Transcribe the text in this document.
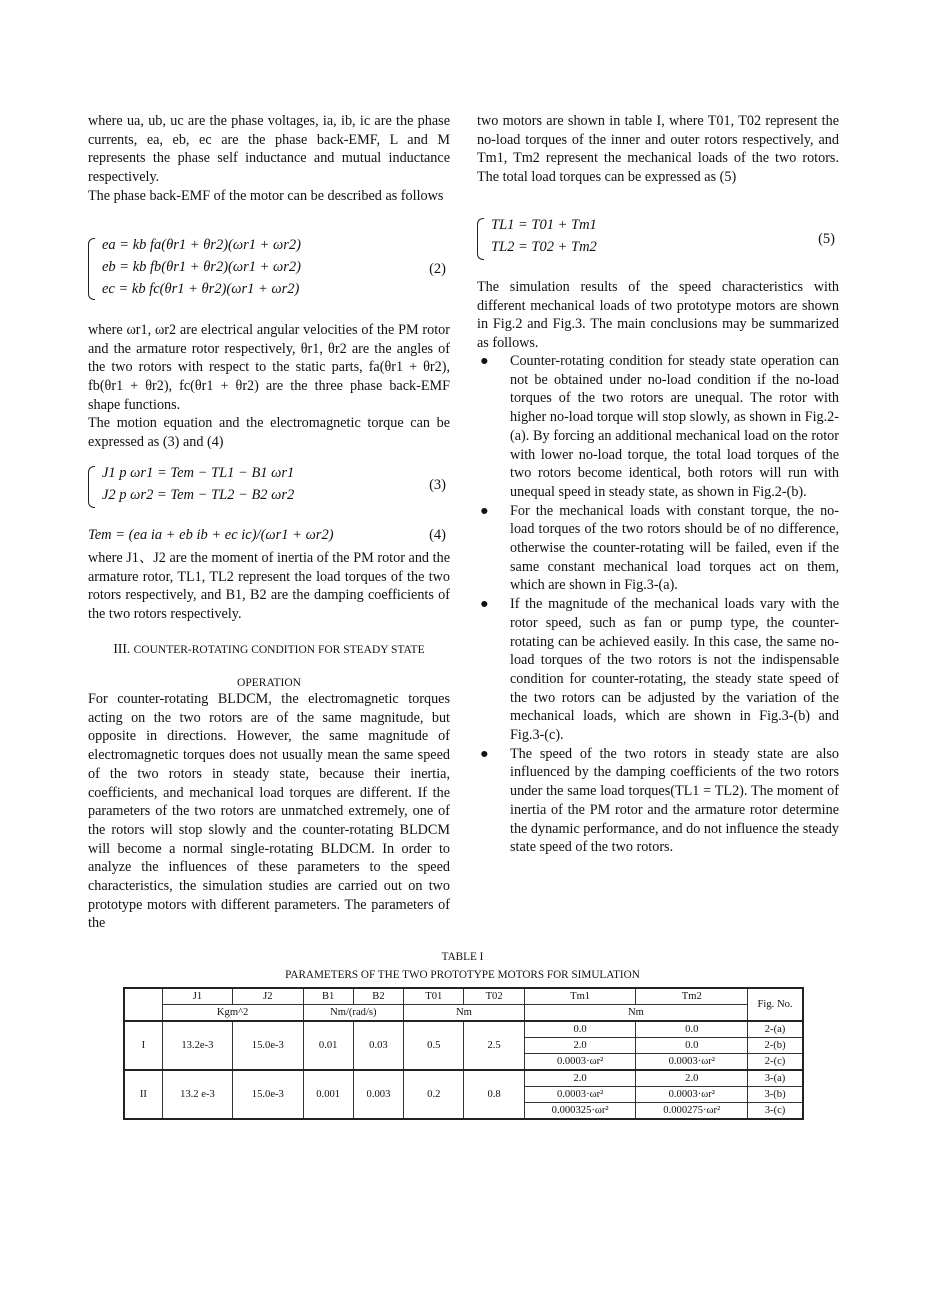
where ua, ub, uc are the phase voltages, ia, ib, ic are the phase currents, ea, eb, ec are the phase back-EMF, L and M represents the phase self inductance and mutual inductance respectively.

The phase back-EMF of the motor can be described as follows

ea = kb fa(θr1 + θr2)(ωr1 + ωr2)
eb = kb fb(θr1 + θr2)(ωr1 + ωr2)
ec = kb fc(θr1 + θr2)(ωr1 + ωr2)
(2)

where ωr1, ωr2 are electrical angular velocities of the PM rotor and the armature rotor respectively, θr1, θr2 are the angles of the two rotors with respect to the static parts, fa(θr1 + θr2), fb(θr1 + θr2), fc(θr1 + θr2) are the three phase back-EMF shape functions.

The motion equation and the electromagnetic torque can be expressed as (3) and (4)

J1 p ωr1 = Tem − TL1 − B1 ωr1
J2 p ωr2 = Tem − TL2 − B2 ωr2
(3)
Tem = (ea ia + eb ib + ec ic)/(ωr1 + ωr2)	(4)

where J1、J2 are the moment of inertia of the PM rotor and the armature rotor, TL1, TL2 represent the load torques of the two rotors respectively, and B1, B2 are the damping coefficients of the two rotors respectively.

III. COUNTER-ROTATING CONDITION FOR STEADY STATE
OPERATION

For counter-rotating BLDCM, the electromagnetic torques acting on the two rotors are of the same magnitude, but opposite in directions. However, the same magnitude of electromagnetic torques does not usually mean the same speed of the two rotors in steady state, because their inertia, coefficients, and mechanical load torques are different. If the parameters of the two rotors are unmatched extremely, one of the rotors will stop slowly and the counter-rotating BLDCM will become a normal single-rotating BLDCM. In order to analyze the influences of these parameters to the speed characteristics, the simulation studies are carried out on two prototype motors with different parameters. The parameters of the

two motors are shown in table I, where T01, T02 represent the no-load torques of the inner and outer rotors respectively, and Tm1, Tm2 represent the mechanical loads of the two rotors. The total load torques can be expressed as (5)

TL1 = T01 + Tm1
TL2 = T02 + Tm2	(5)

The simulation results of the speed characteristics with different mechanical loads of two prototype motors are shown in Fig.2 and Fig.3. The main conclusions may be summarized as follows.

● Counter-rotating condition for steady state operation can not be obtained under no-load condition if the no-load torques of the two rotors are unequal. The rotor with higher no-load torque will stop slowly, as shown in Fig.2-(a). By forcing an additional mechanical load on the rotor with lower no-load torque, the total load torques of the two rotors become identical, both rotors will run with unequal speed in steady state, as shown in Fig.2-(b).
● For the mechanical loads with constant torque, the no-load torques of the two rotors should be of no difference, otherwise the counter-rotating will be failed, even if the same constant mechanical load torques act on them, which are shown in Fig.3-(a).
● If the magnitude of the mechanical loads vary with the rotor speed, such as fan or pump type, the counter-rotating can be achieved easily. In this case, the same no-load torques of the two rotors is not the indispensable condition for counter-rotating, the steady state speed of the two rotors can be adjusted by the variation of the mechanical loads, which are shown in Fig.3-(b) and Fig.3-(c).
● The speed of the two rotors in steady state are also influenced by the damping coefficients of the two rotors under the same load torques(TL1 = TL2). The moment of inertia of the PM rotor and the armature rotor determine the dynamic performance, and do not influence the steady state speed of the two rotors.
TABLE I
PARAMETERS OF THE TWO PROTOTYPE MOTORS FOR SIMULATION
	J1	J2	B1	B2	T01	T02	Tm1	Tm2	Fig. No.
	Kgm^2		Nm/(rad/s)		Nm		Nm		
I	13.2e-3	15.0e-3	0.01	0.03	0.5	2.5	0.0	0.0	2-(a)
							2.0	0.0	2-(b)
							0.0003·ωr²	0.0003·ωr²	2-(c)
II	13.2 e-3	15.0e-3	0.001	0.003	0.2	0.8	2.0	2.0	3-(a)
							0.0003·ωr²	0.0003·ωr²	3-(b)
							0.000325·ωr²	0.000275·ωr²	3-(c)
